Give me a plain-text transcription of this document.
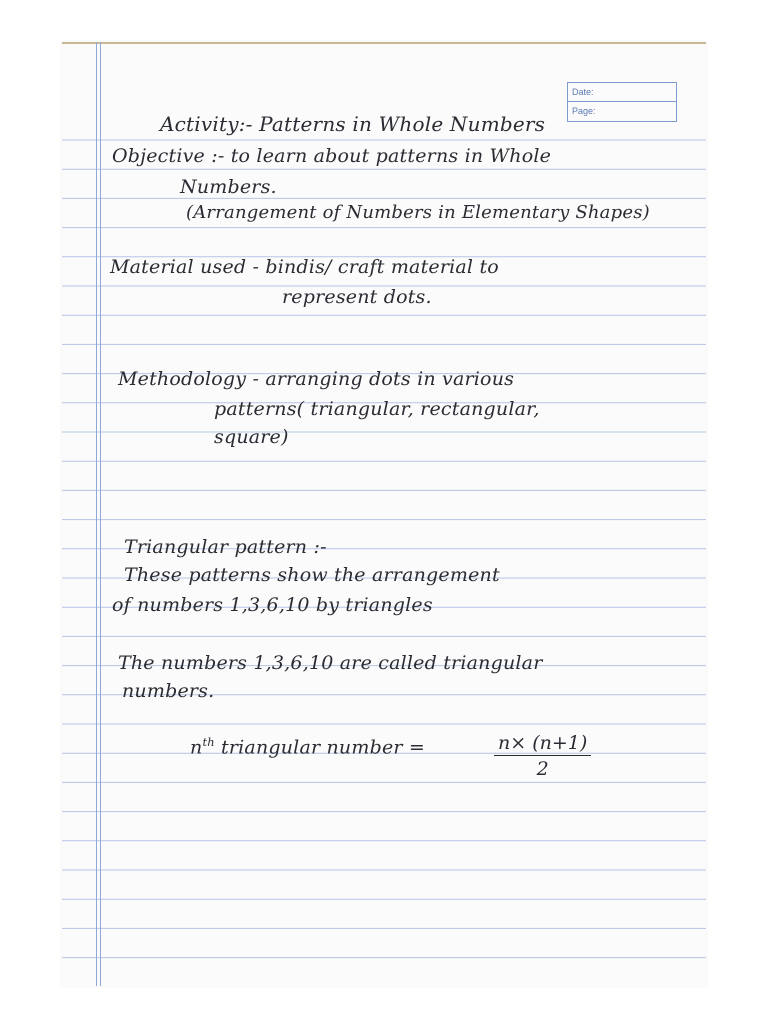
Date:
Page:
Activity:- Patterns in Whole Numbers
Objective :- to learn about patterns in Whole
Numbers.
(Arrangement of Numbers in Elementary Shapes)
Material used - bindis/ craft material to
represent dots.
Methodology - arranging dots in various
patterns( triangular, rectangular,
square)
Triangular pattern :-
These patterns show the arrangement
of numbers 1,3,6,10 by triangles
The numbers 1,3,6,10 are called triangular
numbers.
$n^{th}$ triangular number =	$\frac{n\times (n+1)}{2}$
